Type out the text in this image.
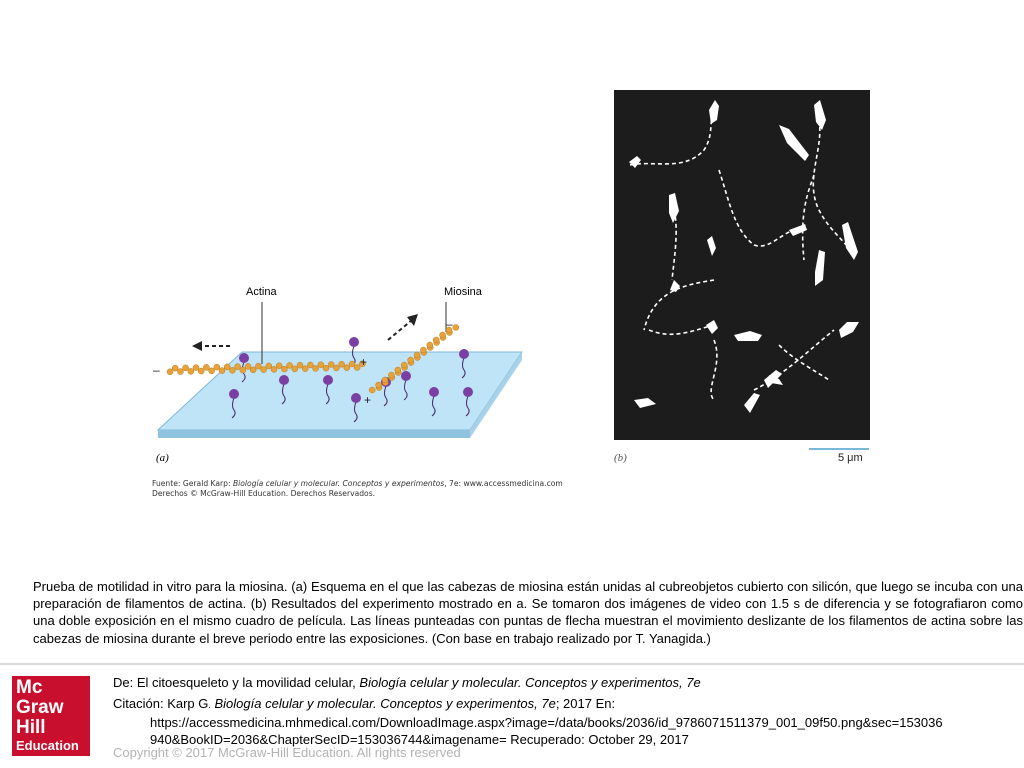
Actina	Miosina
–
+
–
+
(a)
Fuente: Gerald Karp: Biología celular y molecular. Conceptos y experimentos, 7e: www.accessmedicina.com
Derechos © McGraw-Hill Education. Derechos Reservados.
5 μm
(b)
Prueba de motilidad in vitro para la miosina. (a) Esquema en el que las cabezas de miosina están unidas al cubreobjetos cubierto con silicón, que luego se incuba con una preparación de filamentos de actina. (b) Resultados del experimento mostrado en a. Se tomaron dos imágenes de video con 1.5 s de diferencia y se fotografiaron como una doble exposición en el mismo cuadro de película. Las líneas punteadas con puntas de flecha muestran el movimiento deslizante de los filamentos de actina sobre las cabezas de miosina durante el breve periodo entre las exposiciones. (Con base en trabajo realizado por T. Yanagida.)
Mc
Graw
Hill
Education
De: El citoesqueleto y la movilidad celular, Biología celular y molecular. Conceptos y experimentos, 7e
Citación: Karp G. Biología celular y molecular. Conceptos y experimentos, 7e; 2017 En:
https://accessmedicina.mhmedical.com/DownloadImage.aspx?image=/data/books/2036/id_9786071511379_001_09f50.png&sec=153036
940&BookID=2036&ChapterSecID=153036744&imagename= Recuperado: October 29, 2017
Copyright © 2017 McGraw-Hill Education. All rights reserved
